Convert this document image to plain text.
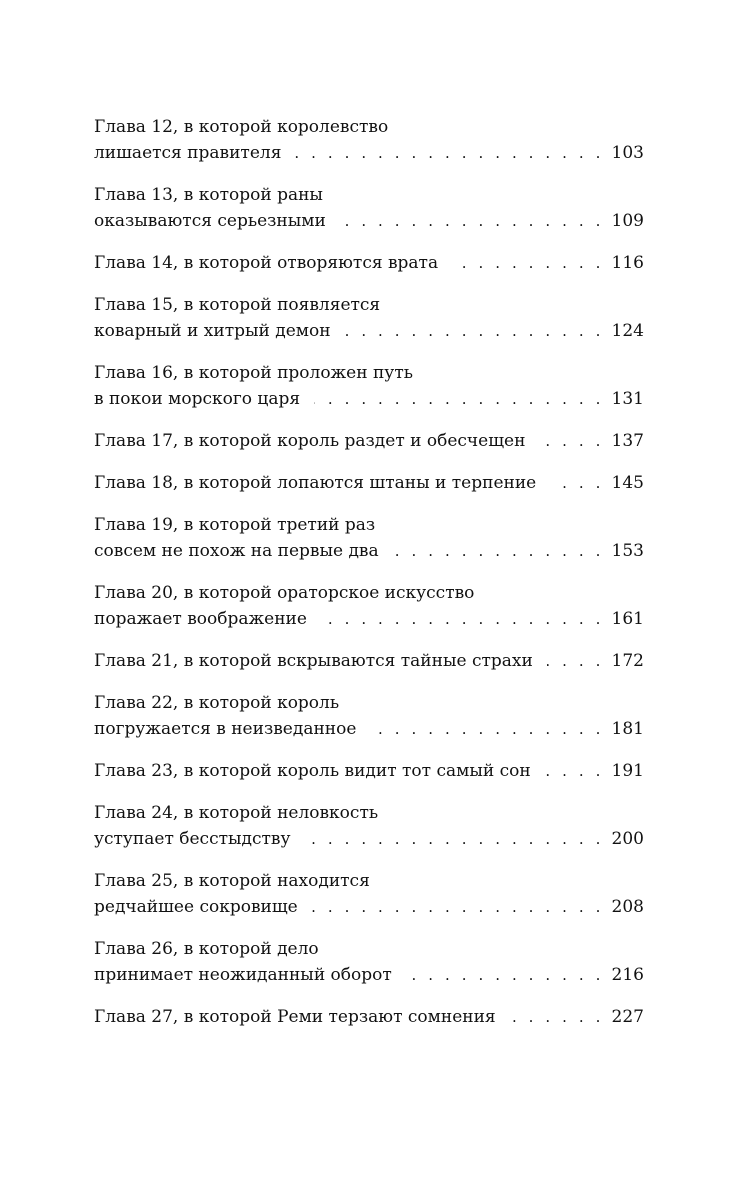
Глава 12, в которой королевство
лишается правителя . . .	103
Глава 13, в которой раны
оказываются серьезными . . .	109
Глава 14, в которой отворяются врата . . .	116
Глава 15, в которой появляется
коварный и хитрый демон . . .	124
Глава 16, в которой проложен путь
в покои морского царя . . .	131
Глава 17, в которой король раздет и обесчещен . . .	137
Глава 18, в которой лопаются штаны и терпение . . .	145
Глава 19, в которой третий раз
совсем не похож на первые два . . .	153
Глава 20, в которой ораторское искусство
поражает воображение . . .	161
Глава 21, в которой вскрываются тайные страхи . . .	172
Глава 22, в которой король
погружается в неизведанное . . .	181
Глава 23, в которой король видит тот самый сон . . .	191
Глава 24, в которой неловкость
уступает бесстыдству . . .	200
Глава 25, в которой находится
редчайшее сокровище . . .	208
Глава 26, в которой дело
принимает неожиданный оборот . . .	216
Глава 27, в которой Реми терзают сомнения . . .	227
